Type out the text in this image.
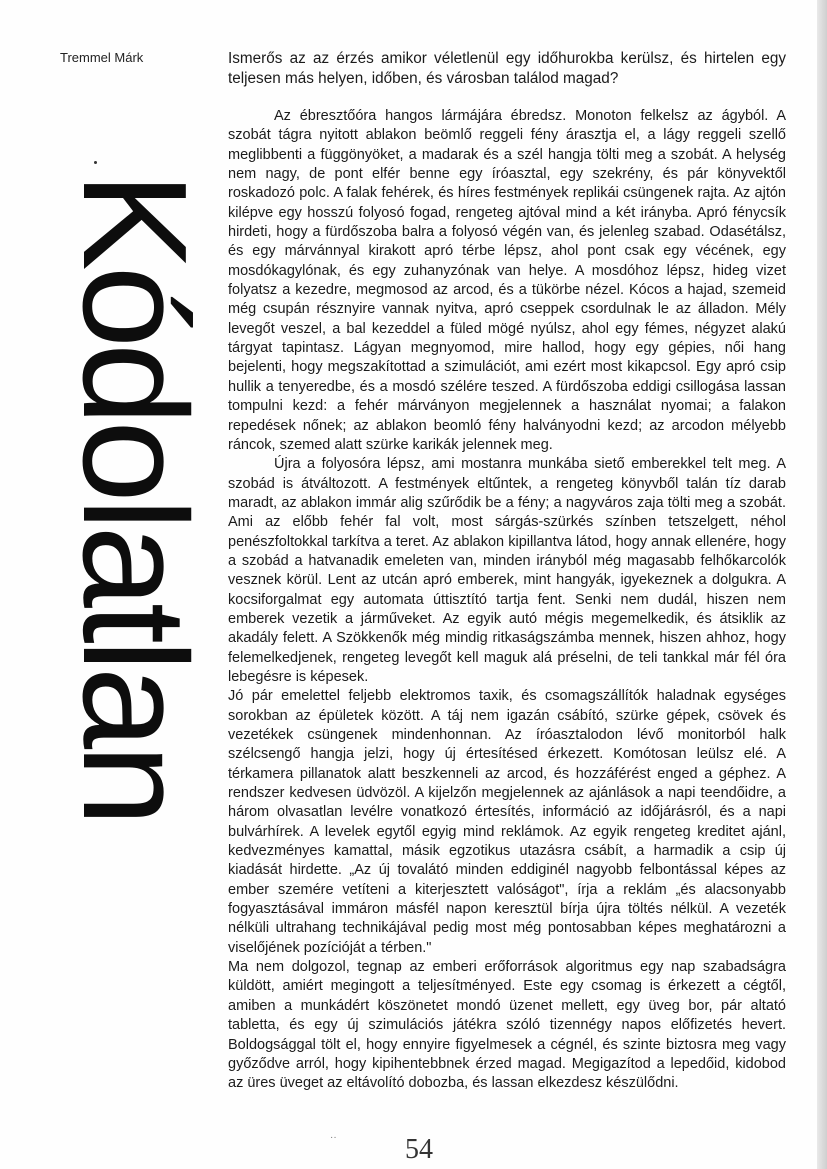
Tremmel Márk
Kódolatlan

Ismerős az az érzés amikor véletlenül egy időhurokba kerülsz, és hirtelen egy teljesen más helyen, időben, és városban találod magad?

Az ébresztőóra hangos lármájára ébredsz. Monoton felkelsz az ágyból. A szobát tágra nyitott ablakon beömlő reggeli fény árasztja el, a lágy reggeli szellő meglibbenti a függönyöket, a madarak és a szél hangja tölti meg a szobát. A helység nem nagy, de pont elfér benne egy íróasztal, egy szekrény, és pár könyvektől roskadozó polc. A falak fehérek, és híres festmények replikái csüngenek rajta. Az ajtón kilépve egy hosszú folyosó fogad, rengeteg ajtóval mind a két irányba. Apró fénycsík hirdeti, hogy a fürdőszoba balra a folyosó végén van, és jelenleg szabad. Odasétálsz, és egy márvánnyal kirakott apró térbe lépsz, ahol pont csak egy vécének, egy mosdókagylónak, és egy zuhanyzónak van helye. A mosdóhoz lépsz, hideg vizet folyatsz a kezedre, megmosod az arcod, és a tükörbe nézel. Kócos a hajad, szemeid még csupán résznyire vannak nyitva, apró cseppek csordulnak le az álladon. Mély levegőt veszel, a bal kezeddel a füled mögé nyúlsz, ahol egy fémes, négyzet alakú tárgyat tapintasz. Lágyan megnyomod, mire hallod, hogy egy gépies, női hang bejelenti, hogy megszakítottad a szimulációt, ami ezért most kikapcsol. Egy apró csip hullik a tenyeredbe, és a mosdó szélére teszed. A fürdőszoba eddigi csillogása lassan tompulni kezd: a fehér márványon megjelennek a használat nyomai; a falakon repedések nőnek; az ablakon beomló fény halványodni kezd; az arcodon mélyebb ráncok, szemed alatt szürke karikák jelennek meg.

Újra a folyosóra lépsz, ami mostanra munkába siető emberekkel telt meg. A szobád is átváltozott. A festmények eltűntek, a rengeteg könyvből talán tíz darab maradt, az ablakon immár alig szűrődik be a fény; a nagyváros zaja tölti meg a szobát. Ami az előbb fehér fal volt, most sárgás-szürkés színben tetszelgett, néhol penészfoltokkal tarkítva a teret. Az ablakon kipillantva látod, hogy annak ellenére, hogy a szobád a hatvanadik emeleten van, minden irányból még magasabb felhőkarcolók vesznek körül. Lent az utcán apró emberek, mint hangyák, igyekeznek a dolgukra. A kocsiforgalmat egy automata úttisztító tartja fent. Senki nem dudál, hiszen nem emberek vezetik a járműveket. Az egyik autó mégis megemelkedik, és átsiklik az akadály felett. A Szökkenők még mindig ritkaságszámba mennek, hiszen ahhoz, hogy felemelkedjenek, rengeteg levegőt kell maguk alá préselni, de teli tankkal már fél óra lebegésre is képesek.

Jó pár emelettel feljebb elektromos taxik, és csomagszállítók haladnak egységes sorokban az épületek között. A táj nem igazán csábító, szürke gépek, csövek és vezetékek csüngenek mindenhonnan. Az íróasztalodon lévő monitorból halk szélcsengő hangja jelzi, hogy új értesítésed érkezett. Komótosan leülsz elé. A térkamera pillanatok alatt beszkenneli az arcod, és hozzáférést enged a géphez. A rendszer kedvesen üdvözöl. A kijelzőn megjelennek az ajánlások a napi teendőidre, a három olvasatlan levélre vonatkozó értesítés, információ az időjárásról, és a napi bulvárhírek. A levelek egytől egyig mind reklámok. Az egyik rengeteg kreditet ajánl, kedvezményes kamattal, másik egzotikus utazásra csábít, a harmadik a csip új kiadását hirdette. „Az új tovalátó minden eddiginél nagyobb felbontással képes az ember szemére vetíteni a kiterjesztett valóságot", írja a reklám „és alacsonyabb fogyasztásával immáron másfél napon keresztül bírja újra töltés nélkül. A vezeték nélküli ultrahang technikájával pedig most még pontosabban képes meghatározni a viselőjének pozícióját a térben."

Ma nem dolgozol, tegnap az emberi erőforrások algoritmus egy nap szabadságra küldött, amiért megingott a teljesítményed. Este egy csomag is érkezett a cégtől, amiben a munkádért köszönetet mondó üzenet mellett, egy üveg bor, pár altató tabletta, és egy új szimulációs játékra szóló tizennégy napos előfizetés hevert. Boldogsággal tölt el, hogy ennyire figyelmesek a cégnél, és szinte biztosra meg vagy győződve arról, hogy kipihentebbnek érzed magad. Megigazítod a lepedőid, kidobod az üres üveget az eltávolító dobozba, és lassan elkezdesz készülődni.

·· 54
